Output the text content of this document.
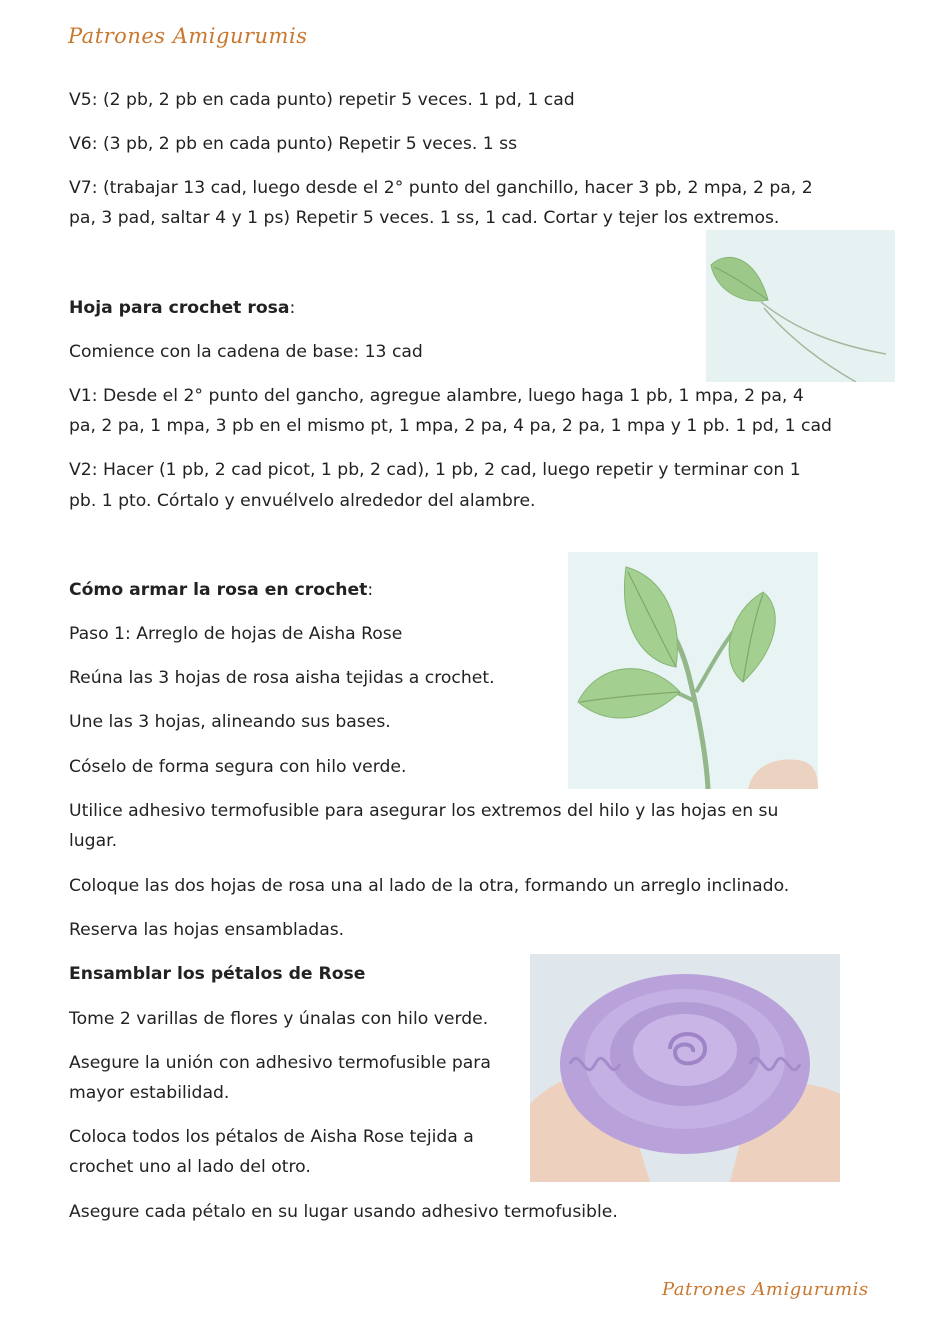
Patrones Amigurumis

V5: (2 pb, 2 pb en cada punto) repetir 5 veces. 1 pd, 1 cad

V6: (3 pb, 2 pb en cada punto) Repetir 5 veces. 1 ss

V7: (trabajar 13 cad, luego desde el 2° punto del ganchillo, hacer 3 pb, 2 mpa, 2 pa, 2

pa, 3 pad, saltar 4 y 1 ps) Repetir 5 veces. 1 ss, 1 cad. Cortar y tejer los extremos.

Hoja para crochet rosa:

Comience con la cadena de base: 13 cad

V1: Desde el 2° punto del gancho, agregue alambre, luego haga 1 pb, 1 mpa, 2 pa, 4

pa, 2 pa, 1 mpa, 3 pb en el mismo pt, 1 mpa, 2 pa, 4 pa, 2 pa, 1 mpa y 1 pb. 1 pd, 1 cad

V2: Hacer (1 pb, 2 cad picot, 1 pb, 2 cad), 1 pb, 2 cad, luego repetir y terminar con 1

pb. 1 pto. Córtalo y envuélvelo alrededor del alambre.

Cómo armar la rosa en crochet:

Paso 1: Arreglo de hojas de Aisha Rose

Reúna las 3 hojas de rosa aisha tejidas a crochet.

Une las 3 hojas, alineando sus bases.

Cóselo de forma segura con hilo verde.

Utilice adhesivo termofusible para asegurar los extremos del hilo y las hojas en su

lugar.

Coloque las dos hojas de rosa una al lado de la otra, formando un arreglo inclinado.

Reserva las hojas ensambladas.

Ensamblar los pétalos de Rose

Tome 2 varillas de flores y únalas con hilo verde.

Asegure la unión con adhesivo termofusible para

mayor estabilidad.

Coloca todos los pétalos de Aisha Rose tejida a

crochet uno al lado del otro.

Asegure cada pétalo en su lugar usando adhesivo termofusible.

Patrones Amigurumis
